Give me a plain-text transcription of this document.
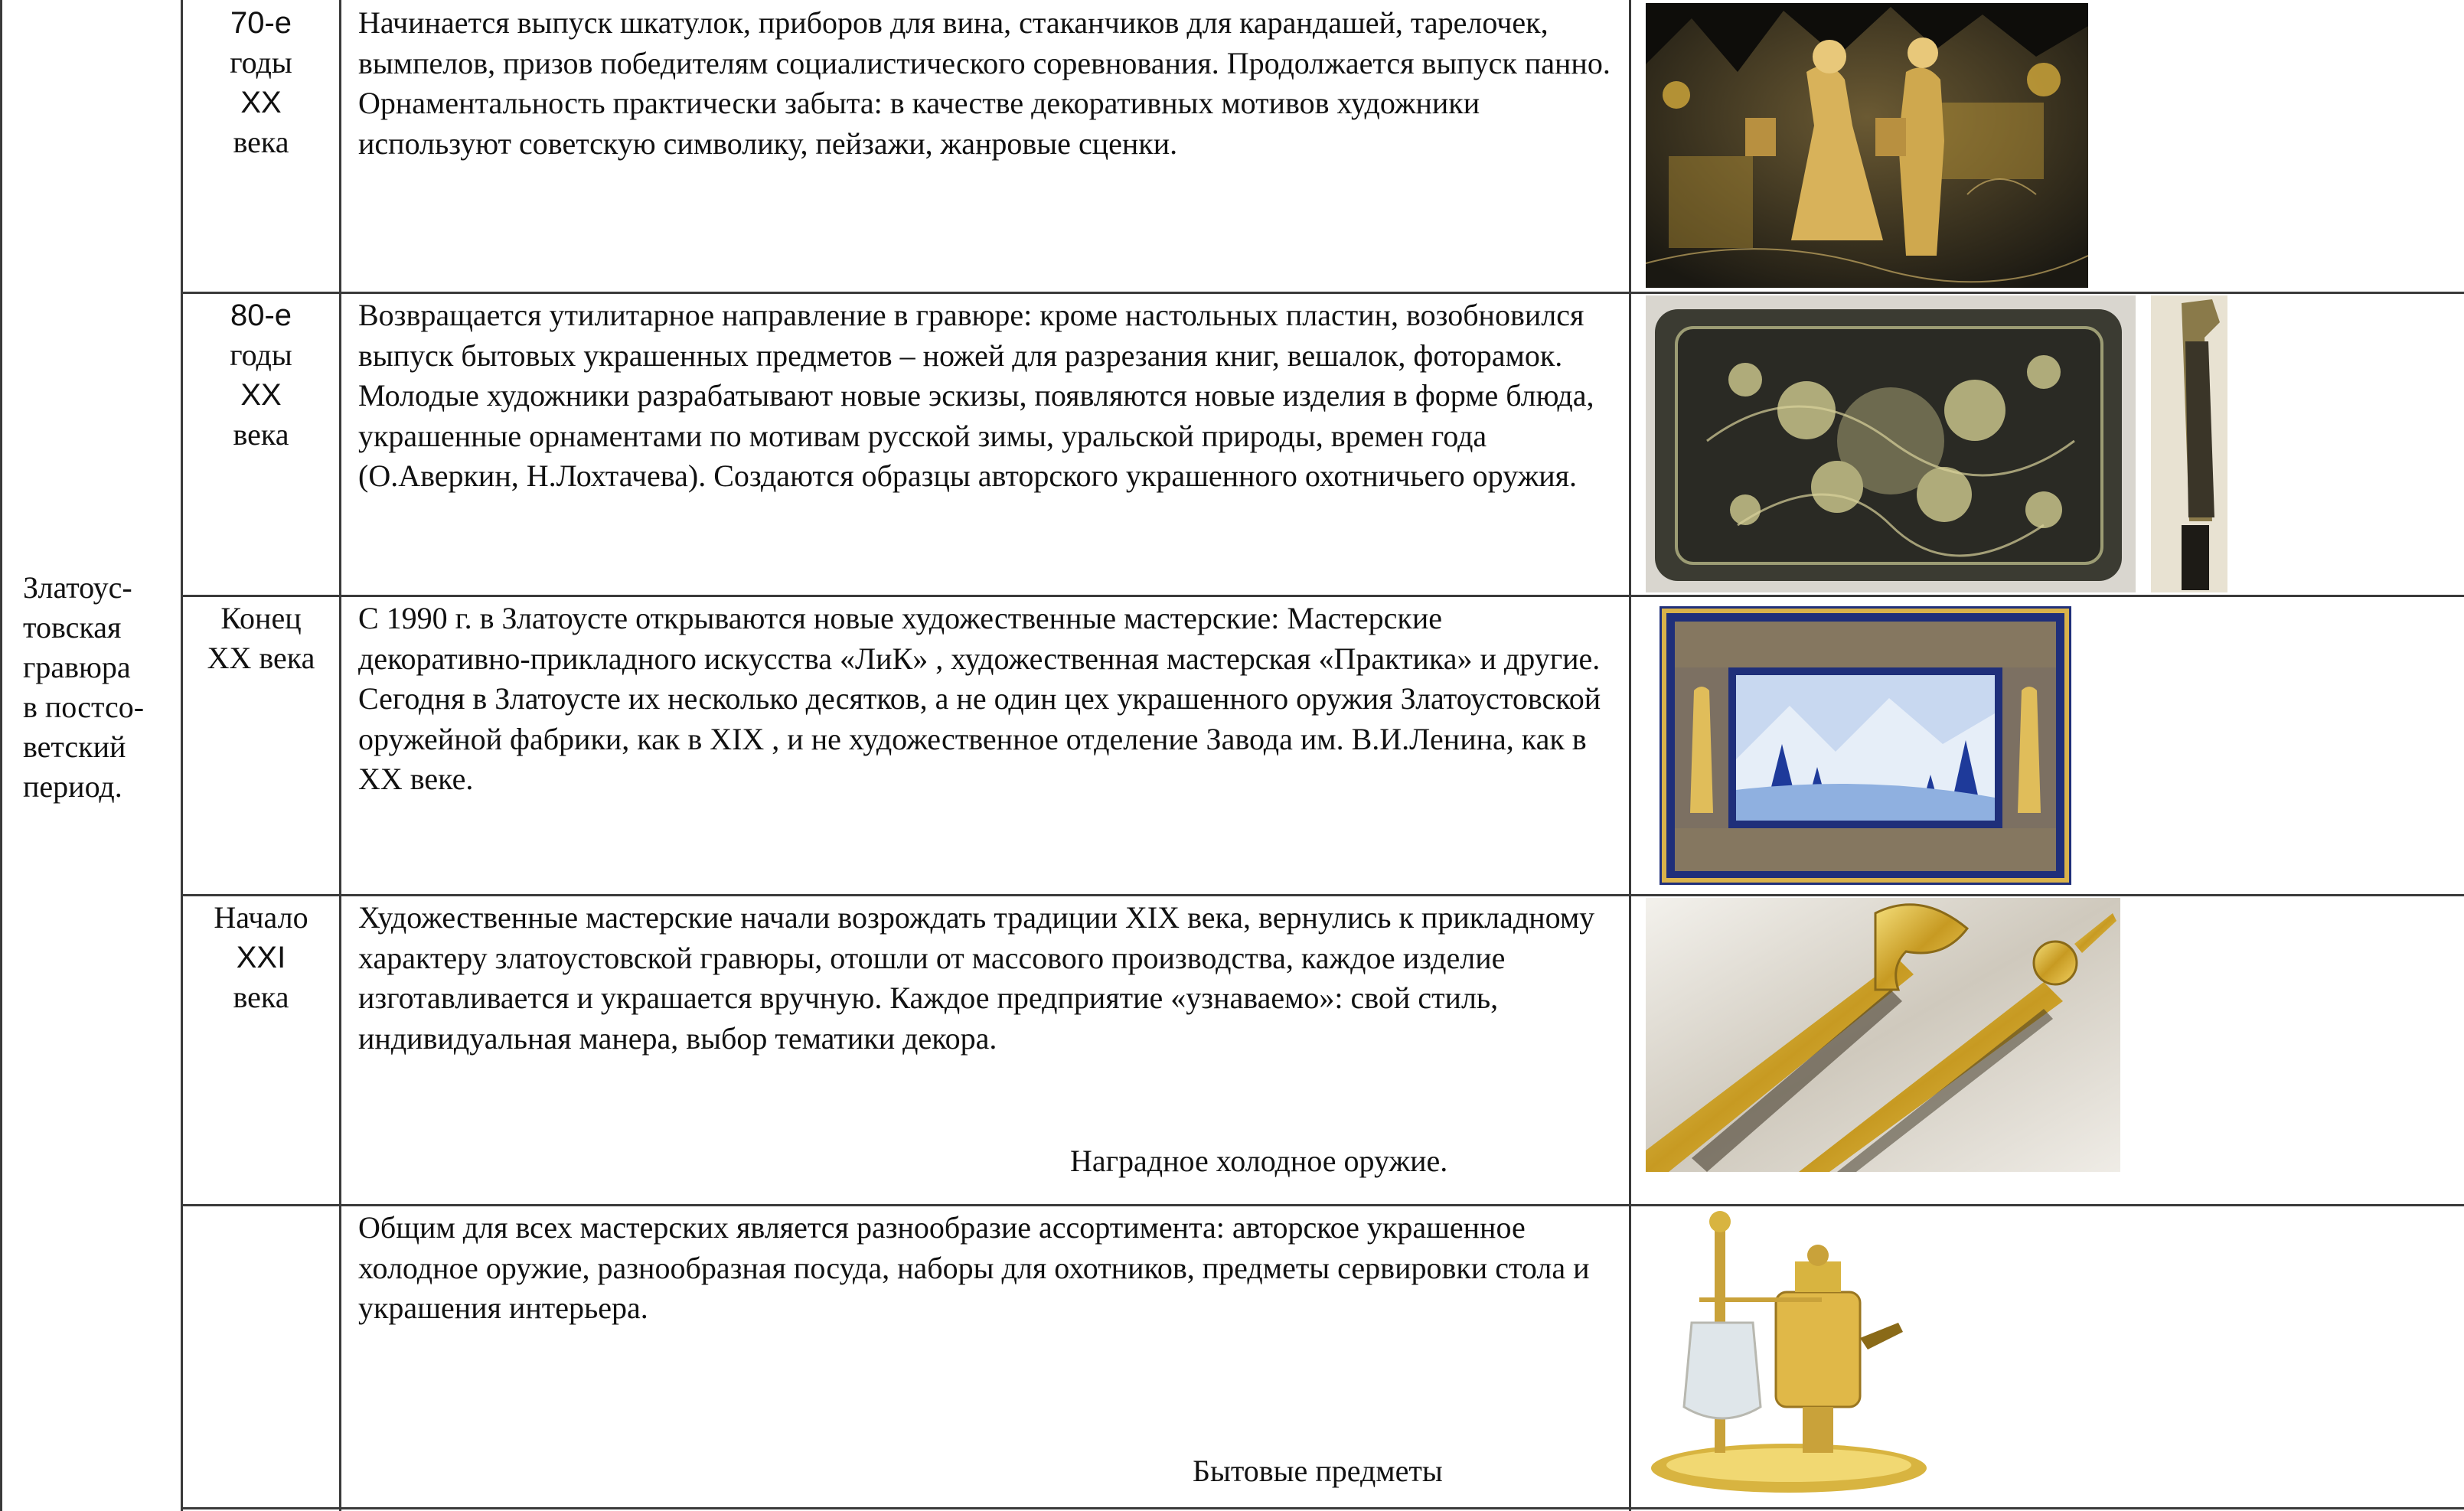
Златоус-
товская
гравюра
в постсо-
ветский
период.
70-е
годы
XX
века

Начинается выпуск шкатулок, приборов для вина, стаканчиков для карандашей, тарелочек, вымпелов, призов победителям социалистического соревнования. Продолжается выпуск панно. Орнаментальность практически забыта: в качестве декоративных мотивов художники используют советскую символику, пейзажи, жанровые сценки.

80-е
годы
XX
века

Возвращается утилитарное направление в гравюре: кроме настольных пластин, возобновился выпуск бытовых украшенных предметов – ножей для разрезания книг, вешалок, фоторамок.

Молодые художники разрабатывают новые эскизы, появляются новые изделия в форме блюда, украшенные орнаментами по мотивам русской зимы, уральской природы, времен года (О.Аверкин, Н.Лохтачева). Создаются образцы авторского украшенного охотничьего оружия.

Конец
XX века

С 1990 г. в Златоусте открываются новые художественные мастерские: Мастерские декоративно-прикладного искусства «ЛиК» , художественная мастерская «Практика» и другие. Сегодня в Златоусте их несколько десятков, а не один цех украшенного оружия Златоустовской оружейной фабрики, как в XIX , и не художественное отделение Завода им. В.И.Ленина, как в XX веке.

Начало
XXI
века

Художественные мастерские начали возрождать традиции XIX века, вернулись к прикладному характеру златоустовской гравюры, отошли от массового производства, каждое изделие изготавливается и украшается вручную. Каждое предприятие «узнаваемо»: свой стиль, индивидуальная манера, выбор тематики декора.

Наградное холодное оружие.

Общим для всех мастерских является разнообразие ассортимента: авторское украшенное холодное оружие, разнообразная посуда, наборы для охотников, предметы сервировки стола и украшения интерьера.

Бытовые предметы
